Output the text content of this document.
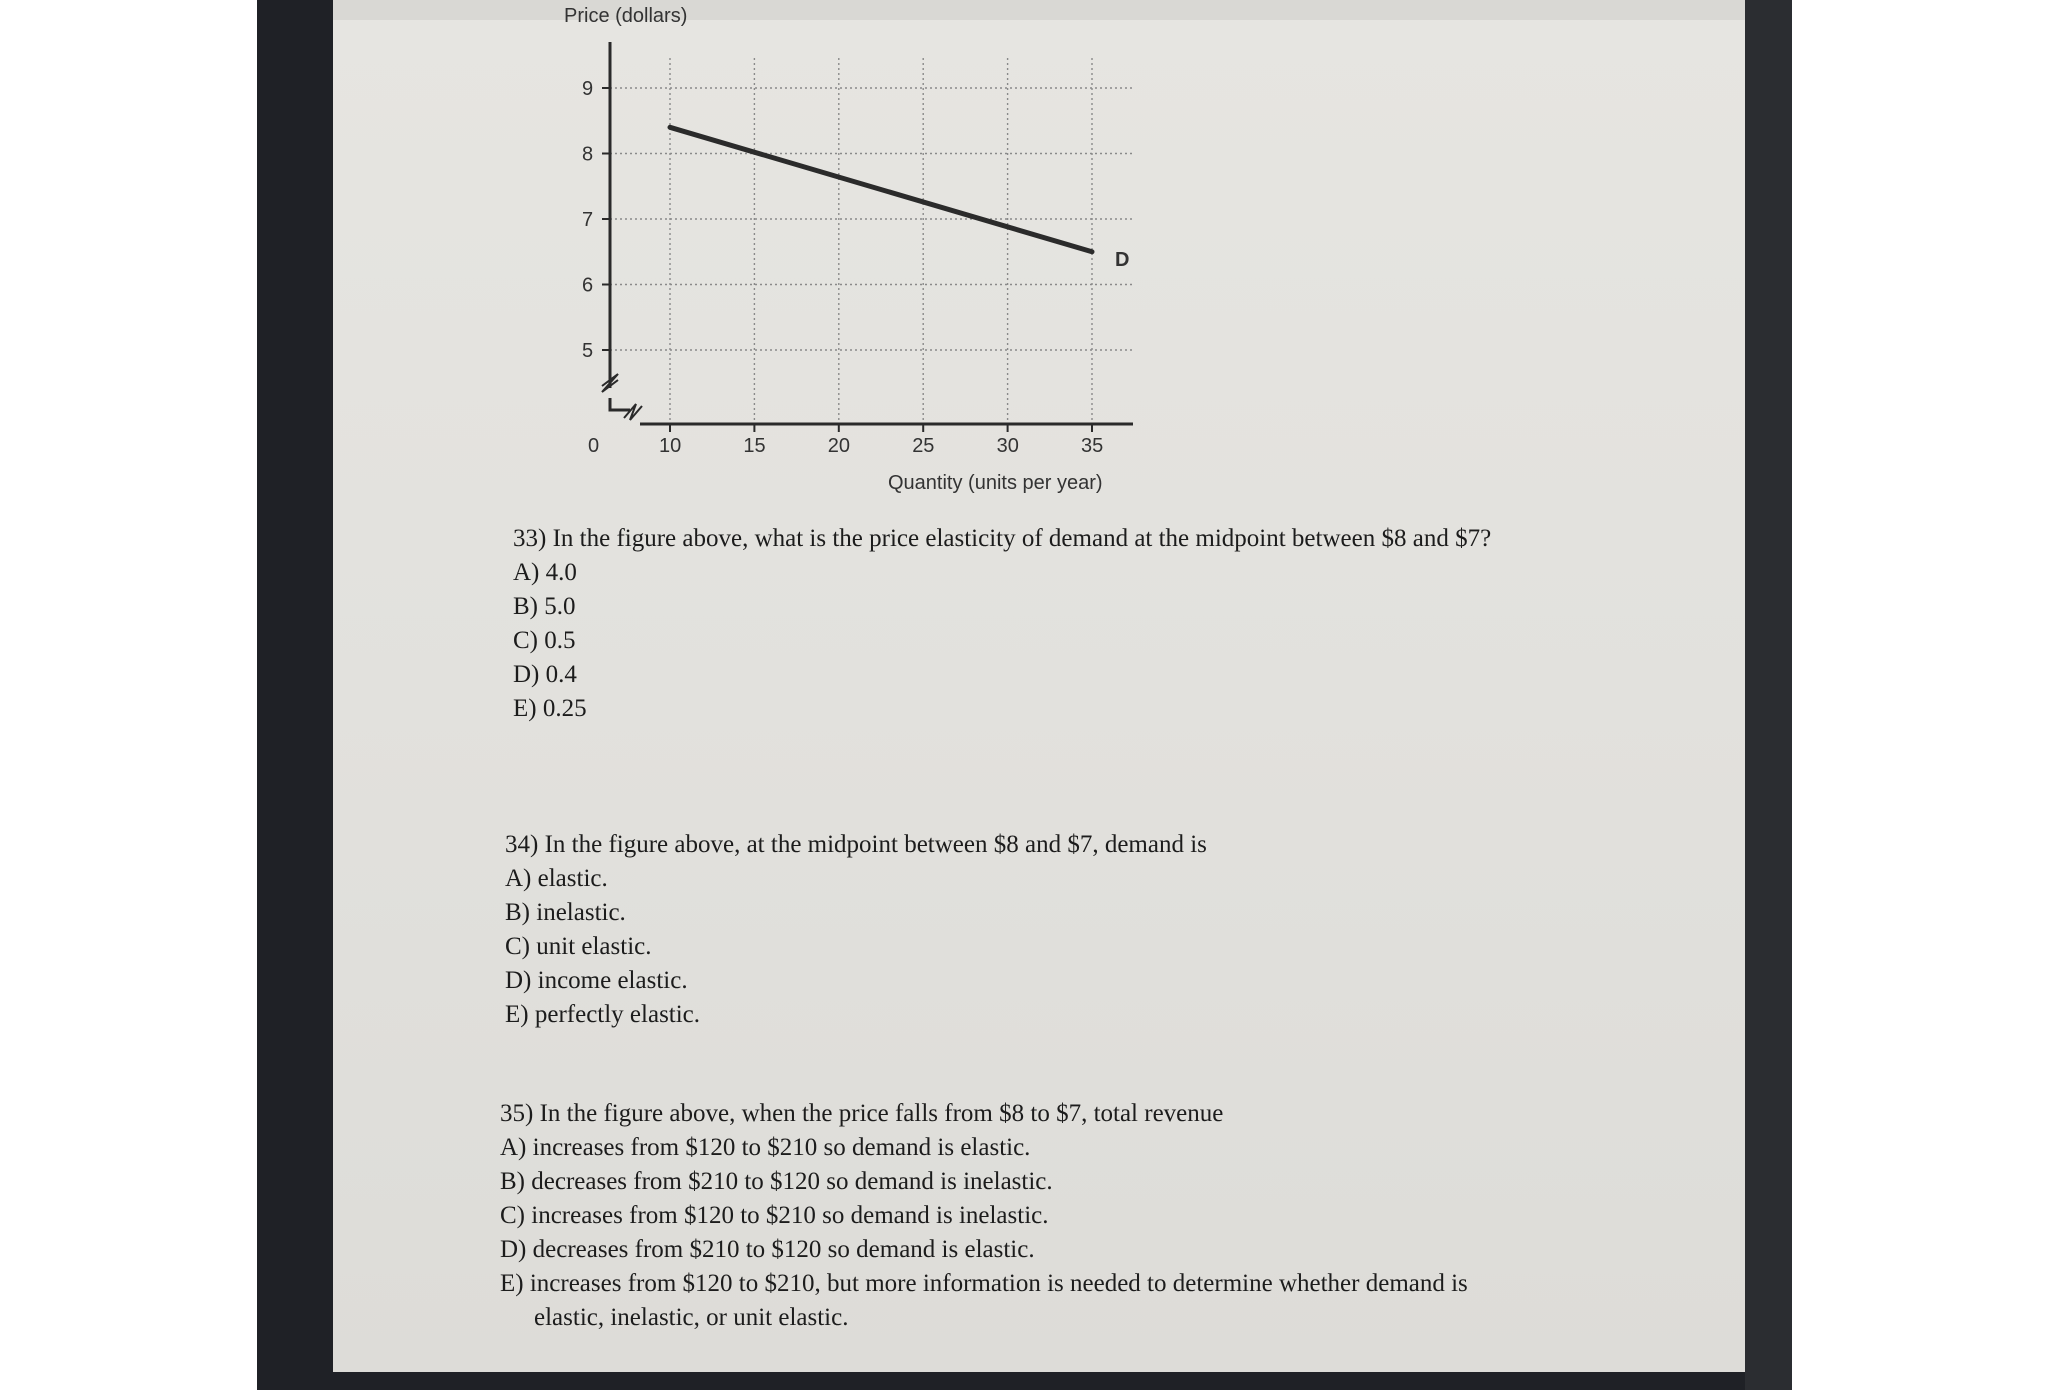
0
5
6
7
8
9
10	15	20	25	30	35
Price (dollars)
Quantity (units per year)
D
33) In the figure above, what is the price elasticity of demand at the midpoint between $8 and $7?
A) 4.0
B) 5.0
C) 0.5
D) 0.4
E) 0.25
34) In the figure above, at the midpoint between $8 and $7, demand is
A) elastic.
B) inelastic.
C) unit elastic.
D) income elastic.
E) perfectly elastic.
35) In the figure above, when the price falls from $8 to $7, total revenue
A) increases from $120 to $210 so demand is elastic.
B) decreases from $210 to $120 so demand is inelastic.
C) increases from $120 to $210 so demand is inelastic.
D) decreases from $210 to $120 so demand is elastic.
E) increases from $120 to $210, but more information is needed to determine whether demand is
elastic, inelastic, or unit elastic.
